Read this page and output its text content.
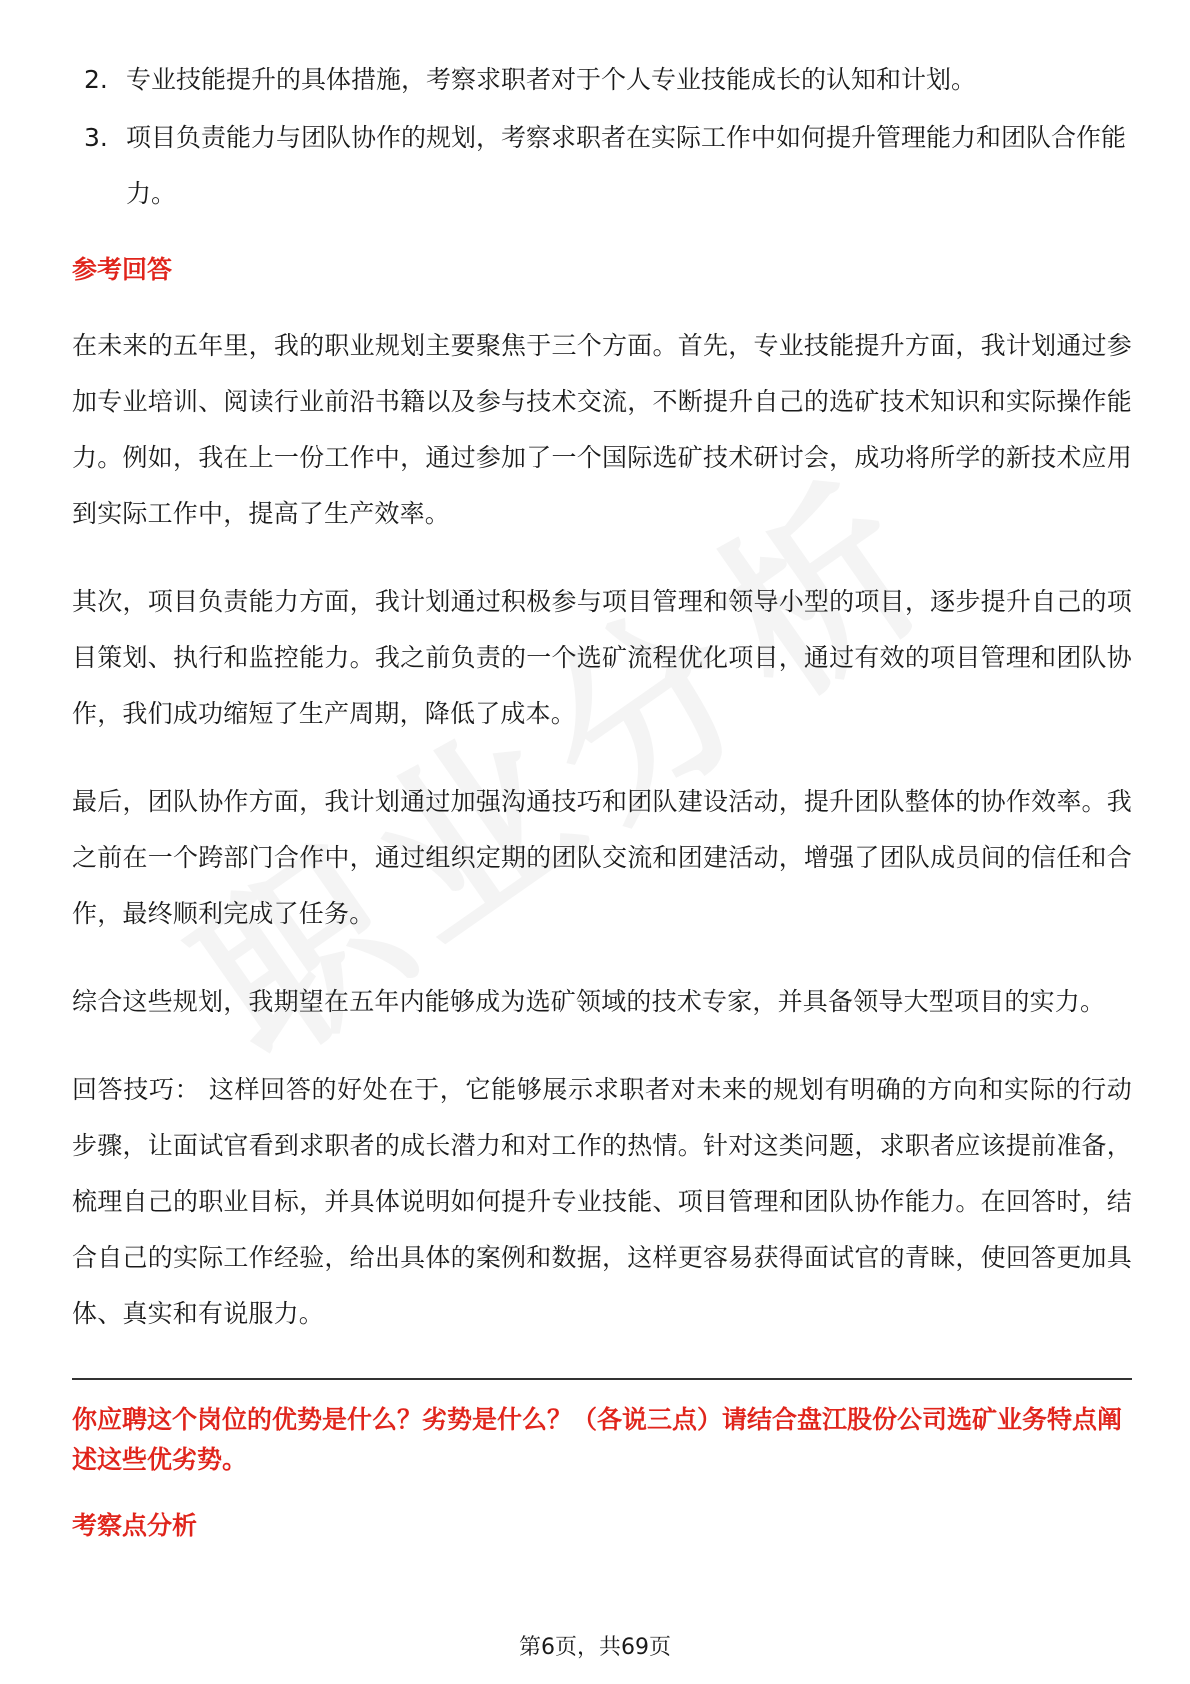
2. 专业技能提升的具体措施，考察求职者对于个人专业技能成长的认知和计划。
3. 项目负责能力与团队协作的规划，考察求职者在实际工作中如何提升管理能力和团队合作能力。
参考回答

在未来的五年里，我的职业规划主要聚焦于三个方面。首先，专业技能提升方面，我计划通过参加专业培训、阅读行业前沿书籍以及参与技术交流，不断提升自己的选矿技术知识和实际操作能力。例如，我在上一份工作中，通过参加了一个国际选矿技术研讨会，成功将所学的新技术应用到实际工作中，提高了生产效率。

其次，项目负责能力方面，我计划通过积极参与项目管理和领导小型的项目，逐步提升自己的项目策划、执行和监控能力。我之前负责的一个选矿流程优化项目，通过有效的项目管理和团队协作，我们成功缩短了生产周期，降低了成本。

最后，团队协作方面，我计划通过加强沟通技巧和团队建设活动，提升团队整体的协作效率。我之前在一个跨部门合作中，通过组织定期的团队交流和团建活动，增强了团队成员间的信任和合作，最终顺利完成了任务。

综合这些规划，我期望在五年内能够成为选矿领域的技术专家，并具备领导大型项目的实力。

回答技巧： 这样回答的好处在于，它能够展示求职者对未来的规划有明确的方向和实际的行动步骤，让面试官看到求职者的成长潜力和对工作的热情。针对这类问题，求职者应该提前准备，梳理自己的职业目标，并具体说明如何提升专业技能、项目管理和团队协作能力。在回答时，结合自己的实际工作经验，给出具体的案例和数据，这样更容易获得面试官的青睐，使回答更加具体、真实和有说服力。

你应聘这个岗位的优势是什么？劣势是什么？（各说三点）请结合盘江股份公司选矿业务特点阐述这些优劣势。
考察点分析
第6页，共69页
